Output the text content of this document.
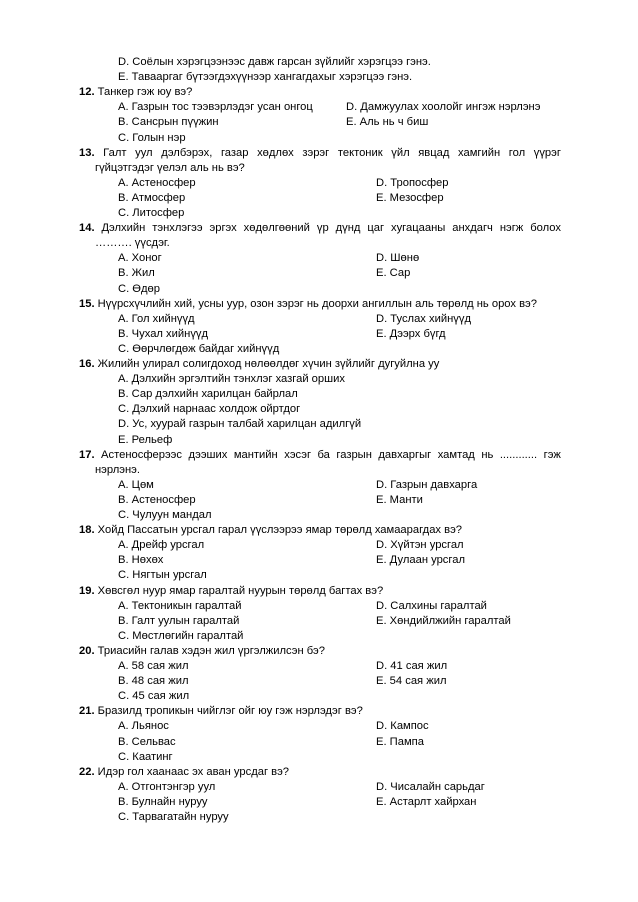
D. Соёлын хэрэгцээнээс давж гарсан зүйлийг хэрэгцээ гэнэ.
E. Тавааргаг бүтээгдэхүүнээр хангагдахыг хэрэгцээ гэнэ.
12. Танкер гэж юу вэ?
A. Газрын тос тээвэрлэдэг усан онгоц	D. Дамжуулах хоолойг ингэж нэрлэнэ
B. Сансрын пүүжин	E. Аль нь ч биш
C. Голын нэр
13. Галт уул дэлбэрэх, газар хөдлөх зэрэг тектоник үйл явцад хамгийн гол үүрэг
гүйцэтгэдэг үелэл аль нь вэ?
A. Астеносфер	D. Тропосфер
B. Атмосфер	E. Мезосфер
C. Литосфер
14. Дэлхийн тэнхлэгээ эргэх хөдөлгөөний үр дүнд цаг хугацааны анхдагч нэгж болох
………. үүсдэг.
A. Хоног	D. Шөнө
B. Жил	E. Сар
C. Өдөр
15. Нүүрсхүчлийн хий, усны уур, озон зэрэг нь доорхи ангиллын аль төрөлд нь орох вэ?
A. Гол хийнүүд	D. Туслах хийнүүд
B. Чухал хийнүүд	E. Дээрх бүгд
C. Өөрчлөгдөж байдаг хийнүүд
16. Жилийн улирал солигдоход нөлөөлдөг хүчин зүйлийг дугуйлна уу
A. Дэлхийн эргэлтийн тэнхлэг хазгай орших
B. Сар дэлхийн харилцан байрлал
C. Дэлхий нарнаас холдож ойртдог
D. Ус, хуурай газрын талбай харилцан адилгүй
E. Рельеф
17. Астеносферээс дээших мантийн хэсэг ба газрын давхаргыг хамтад нь ............ гэж
нэрлэнэ.
A. Цөм	D. Газрын давхарга
B. Астеносфер	E. Манти
C. Чулуун мандал
18. Хойд Пассатын урсгал гарал үүслээрээ ямар төрөлд хамаарагдах вэ?
A. Дрейф урсгал	D. Хүйтэн урсгал
B. Нөхөх	E. Дулаан урсгал
C. Нягтын урсгал
19. Хөвсгөл нуур ямар гаралтай нуурын төрөлд багтах вэ?
A. Тектоникын гаралтай	D. Салхины гаралтай
B. Галт уулын гаралтай	E. Хөндийлжийн гаралтай
C. Мөстлөгийн гаралтай
20. Триасийн галав хэдэн жил үргэлжилсэн бэ?
A. 58 сая жил	D. 41 сая жил
B. 48 сая жил	E. 54 сая жил
C. 45 сая жил
21. Бразилд тропикын чийглэг ойг юу гэж нэрлэдэг вэ?
A. Льянос	D. Кампос
B. Сельвас	E. Пампа
C. Каатинг
22. Идэр гол хаанаас эх аван урсдаг вэ?
A. Отгонтэнгэр уул	D. Чисалайн сарьдаг
B. Булнайн нуруу	E. Астарлт хайрхан
C. Тарвагатайн нуруу
